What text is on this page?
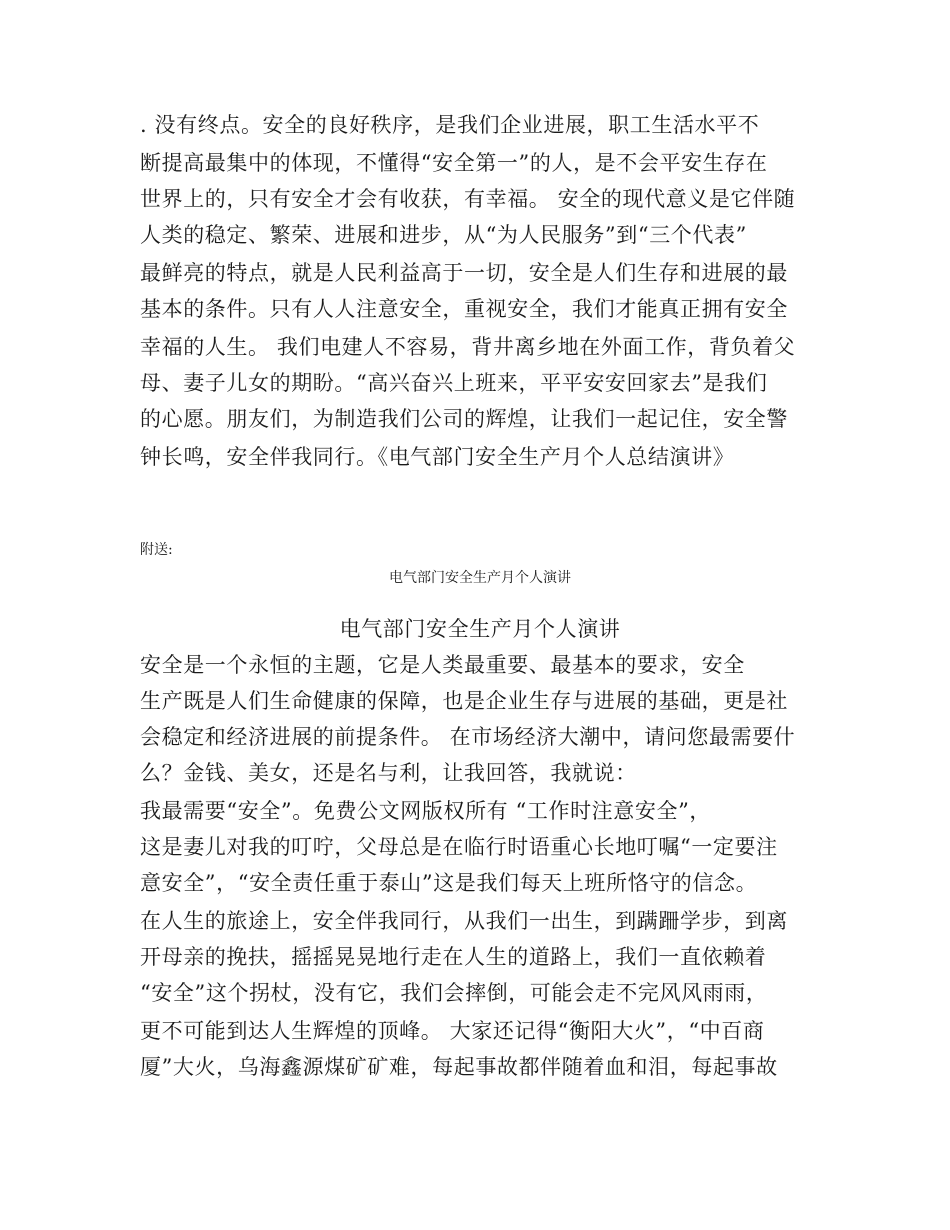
. 没有终点。安全的良好秩序，是我们企业进展，职工生活水平不
断提高最集中的体现，不懂得“安全第一”的人，是不会平安生存在
世界上的，只有安全才会有收获，有幸福。 安全的现代意义是它伴随
人类的稳定、繁荣、进展和进步，从“为人民服务”到“三个代表”
最鲜亮的特点，就是人民利益高于一切，安全是人们生存和进展的最
基本的条件。只有人人注意安全，重视安全，我们才能真正拥有安全
幸福的人生。 我们电建人不容易，背井离乡地在外面工作，背负着父
母、妻子儿女的期盼。“高兴奋兴上班来，平平安安回家去”是我们
的心愿。朋友们，为制造我们公司的辉煌，让我们一起记住，安全警
钟长鸣，安全伴我同行。《电气部门安全生产月个人总结演讲》
附送:
电气部门安全生产月个人演讲
电气部门安全生产月个人演讲
安全是一个永恒的主题，它是人类最重要、最基本的要求，安全
生产既是人们生命健康的保障，也是企业生存与进展的基础，更是社
会稳定和经济进展的前提条件。 在市场经济大潮中，请问您最需要什
么？金钱、美女，还是名与利，让我回答，我就说：
我最需要“安全”。免费公文网版权所有 “工作时注意安全”，
这是妻儿对我的叮咛，父母总是在临行时语重心长地叮嘱“一定要注
意安全”，“安全责任重于泰山”这是我们每天上班所恪守的信念。
在人生的旅途上，安全伴我同行，从我们一出生，到蹒跚学步，到离
开母亲的挽扶，摇摇晃晃地行走在人生的道路上，我们一直依赖着
“安全”这个拐杖，没有它，我们会摔倒，可能会走不完风风雨雨，
更不可能到达人生辉煌的顶峰。 大家还记得“衡阳大火”，“中百商
厦”大火，乌海鑫源煤矿矿难，每起事故都伴随着血和泪，每起事故
